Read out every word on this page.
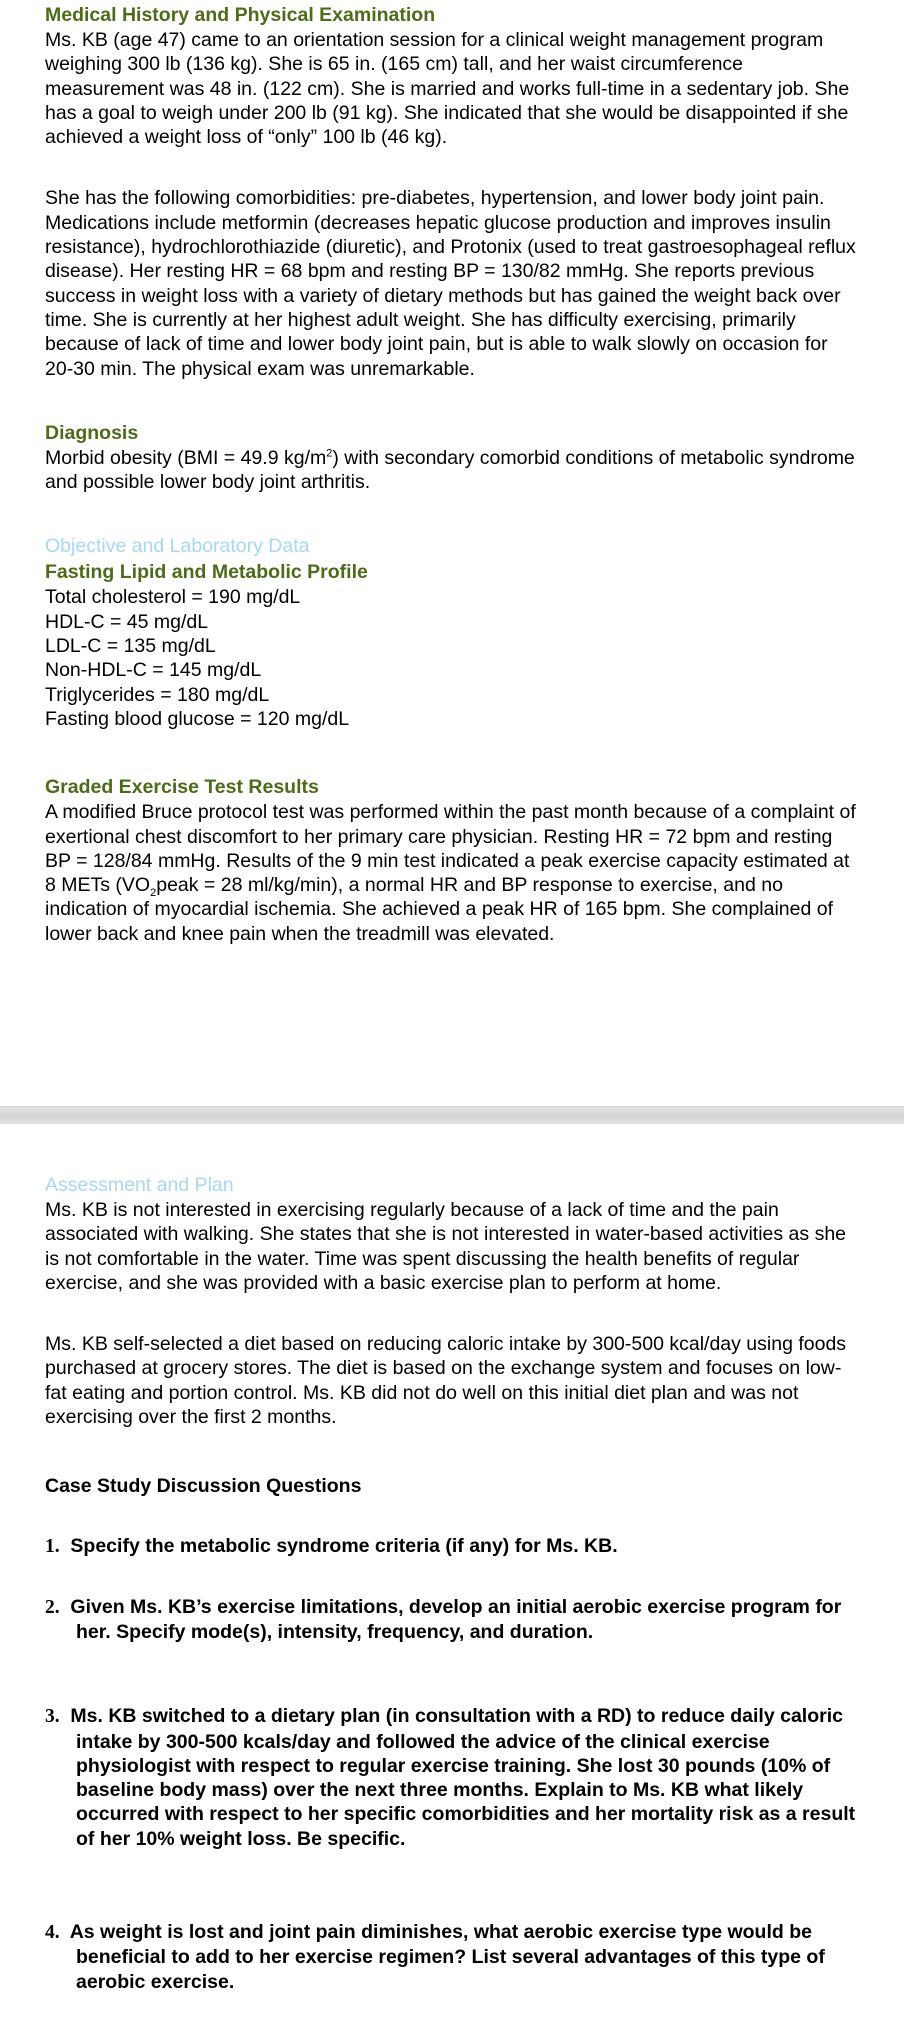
Medical History and Physical Examination

Ms. KB (age 47) came to an orientation session for a clinical weight management program weighing 300 lb (136 kg). She is 65 in. (165 cm) tall, and her waist circumference measurement was 48 in. (122 cm). She is married and works full-time in a sedentary job. She has a goal to weigh under 200 lb (91 kg). She indicated that she would be disappointed if she achieved a weight loss of “only” 100 lb (46 kg).

She has the following comorbidities: pre-diabetes, hypertension, and lower body joint pain. Medications include metformin (decreases hepatic glucose production and improves insulin resistance), hydrochlorothiazide (diuretic), and Protonix (used to treat gastroesophageal reflux disease). Her resting HR = 68 bpm and resting BP = 130/82 mmHg. She reports previous success in weight loss with a variety of dietary methods but has gained the weight back over time. She is currently at her highest adult weight. She has difficulty exercising, primarily because of lack of time and lower body joint pain, but is able to walk slowly on occasion for 20-30 min. The physical exam was unremarkable.

Diagnosis

Morbid obesity (BMI = 49.9 $kg/m^2$) with secondary comorbid conditions of metabolic syndrome and possible lower body joint arthritis.

Objective and Laboratory Data
Fasting Lipid and Metabolic Profile

Total cholesterol = 190 mg/dL

HDL-C = 45 mg/dL

LDL-C = 135 mg/dL

Non-HDL-C = 145 mg/dL

Triglycerides = 180 mg/dL

Fasting blood glucose = 120 mg/dL

Graded Exercise Test Results

A modified Bruce protocol test was performed within the past month because of a complaint of exertional chest discomfort to her primary care physician. Resting HR = 72 bpm and resting BP = 128/84 mmHg. Results of the 9 min test indicated a peak exercise capacity estimated at 8 METs ($VO_2peak = 28$ ml/kg/min), a normal HR and BP response to exercise, and no indication of myocardial ischemia. She achieved a peak HR of 165 bpm. She complained of lower back and knee pain when the treadmill was elevated.

Assessment and Plan

Ms. KB is not interested in exercising regularly because of a lack of time and the pain associated with walking. She states that she is not interested in water-based activities as she is not comfortable in the water. Time was spent discussing the health benefits of regular exercise, and she was provided with a basic exercise plan to perform at home.

Ms. KB self-selected a diet based on reducing caloric intake by 300-500 kcal/day using foods purchased at grocery stores. The diet is based on the exchange system and focuses on low-fat eating and portion control. Ms. KB did not do well on this initial diet plan and was not exercising over the first 2 months.

Case Study Discussion Questions

1. Specify the metabolic syndrome criteria (if any) for Ms. KB.

2. Given Ms. KB’s exercise limitations, develop an initial aerobic exercise program for her. Specify mode(s), intensity, frequency, and duration.

3. Ms. KB switched to a dietary plan (in consultation with a RD) to reduce daily caloric intake by 300-500 kcals/day and followed the advice of the clinical exercise physiologist with respect to regular exercise training. She lost 30 pounds (10% of baseline body mass) over the next three months. Explain to Ms. KB what likely occurred with respect to her specific comorbidities and her mortality risk as a result of her 10% weight loss. Be specific.

4. As weight is lost and joint pain diminishes, what aerobic exercise type would be beneficial to add to her exercise regimen? List several advantages of this type of aerobic exercise.
